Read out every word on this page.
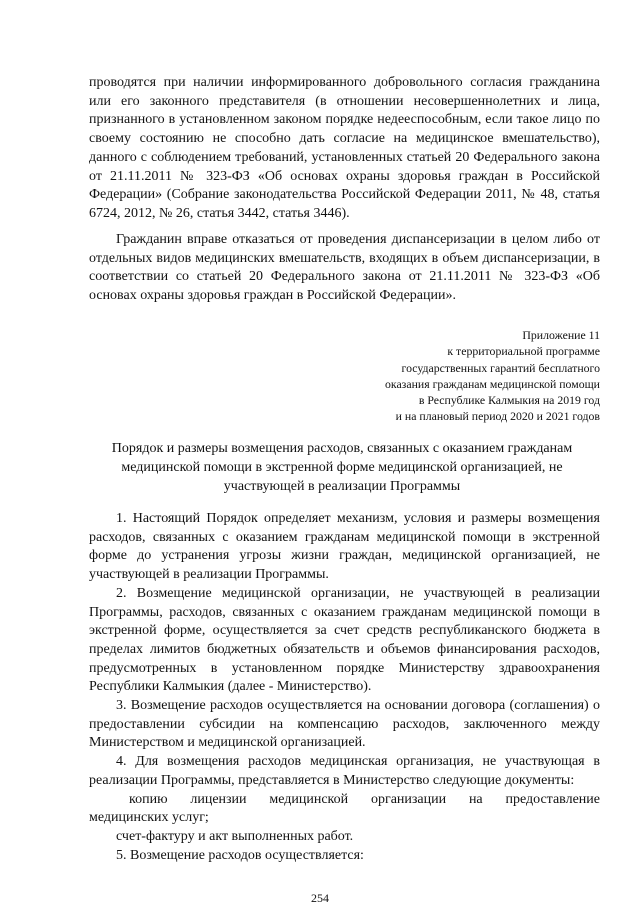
проводятся при наличии информированного добровольного согласия гражданина или его законного представителя (в отношении несовершеннолетних и лица, признанного в установленном законом порядке недееспособным, если такое лицо по своему состоянию не способно дать согласие на медицинское вмешательство), данного с соблюдением требований, установленных статьей 20 Федерального закона от 21.11.2011 № 323-ФЗ «Об основах охраны здоровья граждан в Российской Федерации» (Собрание законодательства Российской Федерации 2011, № 48, статья 6724, 2012, № 26, статья 3442, статья 3446).

Гражданин вправе отказаться от проведения диспансеризации в целом либо от отдельных видов медицинских вмешательств, входящих в объем диспансеризации, в соответствии со статьей 20 Федерального закона от 21.11.2011 № 323-ФЗ «Об основах охраны здоровья граждан в Российской Федерации».

Приложение 11
к территориальной программе
государственных гарантий бесплатного
оказания гражданам медицинской помощи
в Республике Калмыкия на 2019 год
и на плановый период 2020 и 2021 годов
Порядок и размеры возмещения расходов, связанных с оказанием гражданам медицинской помощи в экстренной форме медицинской организацией, не участвующей в реализации Программы

1. Настоящий Порядок определяет механизм, условия и размеры возмещения расходов, связанных с оказанием гражданам медицинской помощи в экстренной форме до устранения угрозы жизни граждан, медицинской организацией, не участвующей в реализации Программы.

2. Возмещение медицинской организации, не участвующей в реализации Программы, расходов, связанных с оказанием гражданам медицинской помощи в экстренной форме, осуществляется за счет средств республиканского бюджета в пределах лимитов бюджетных обязательств и объемов финансирования расходов, предусмотренных в установленном порядке Министерству здравоохранения Республики Калмыкия (далее - Министерство).

3. Возмещение расходов осуществляется на основании договора (соглашения) о предоставлении субсидии на компенсацию расходов, заключенного между Министерством и медицинской организацией.

4. Для возмещения расходов медицинская организация, не участвующая в реализации Программы, представляется в Министерство следующие документы:

копию лицензии медицинской организации на предоставление

медицинских услуг;

счет-фактуру и акт выполненных работ.

5. Возмещение расходов осуществляется:

254
